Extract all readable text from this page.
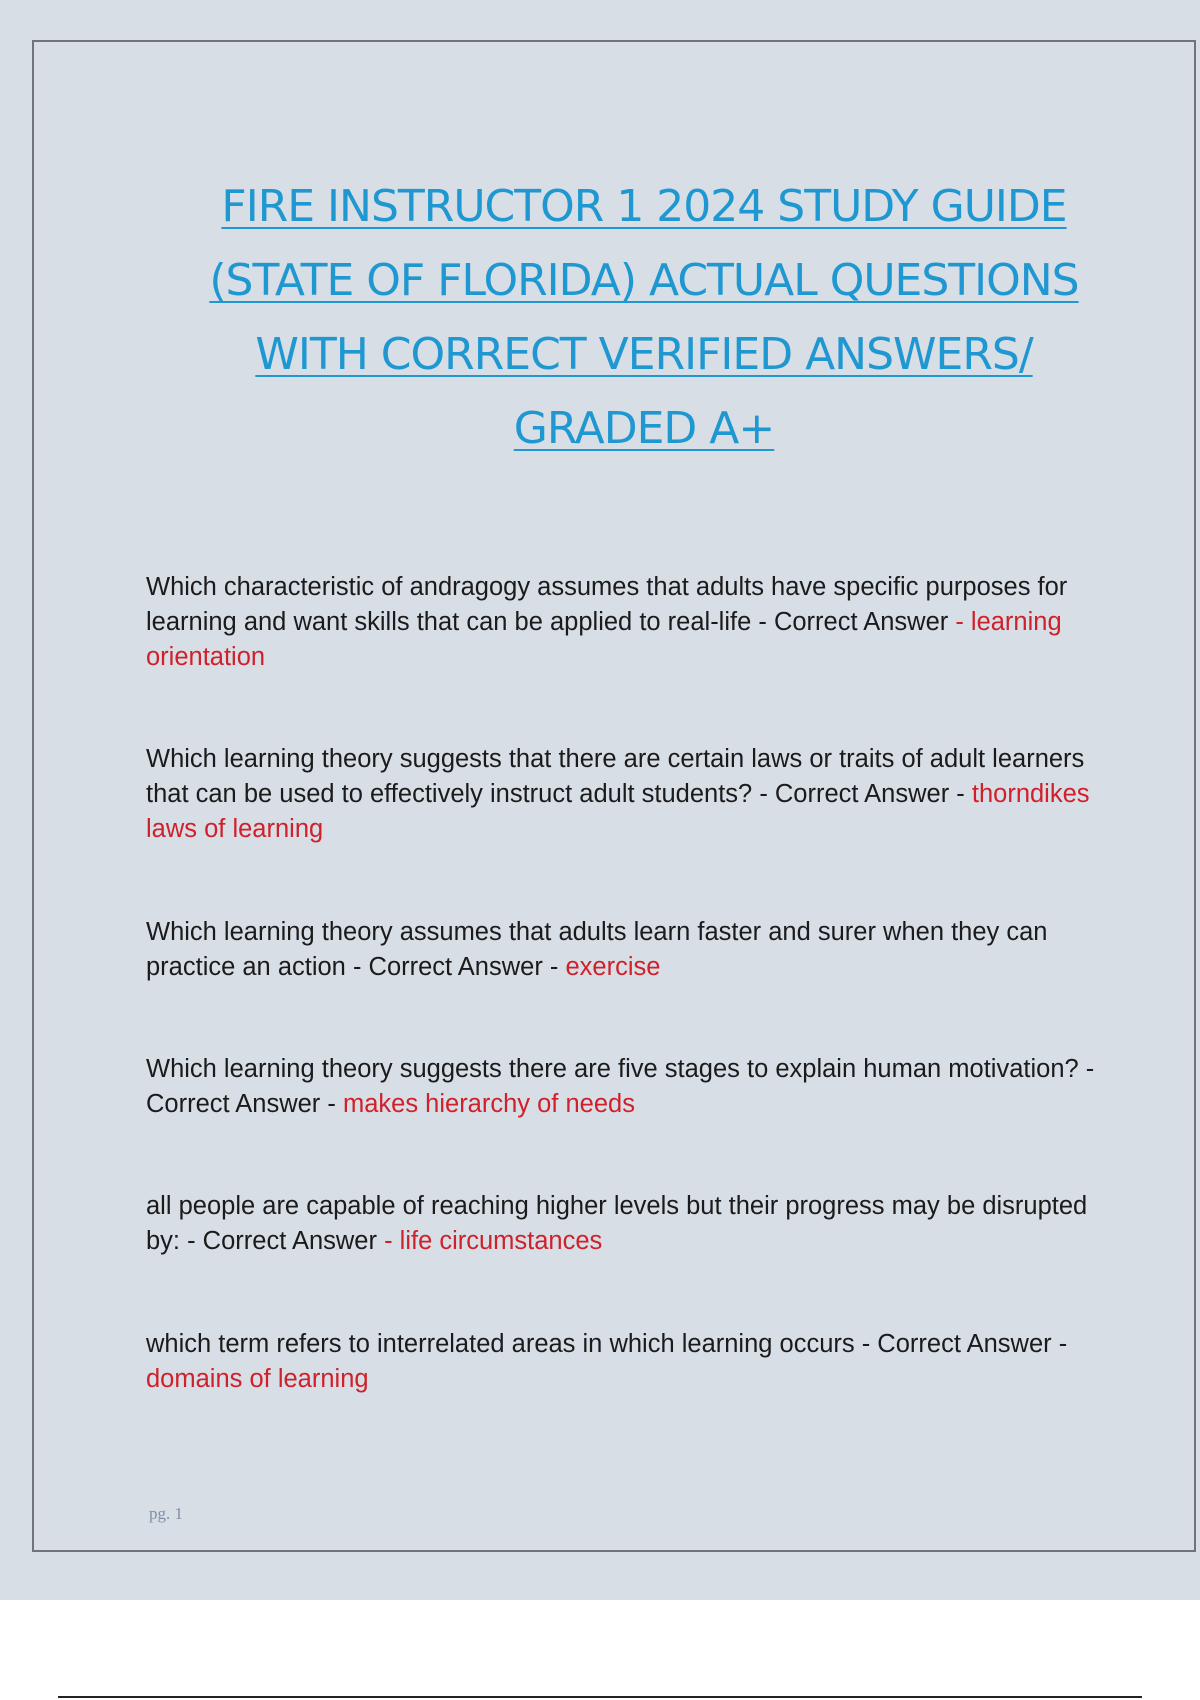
FIRE INSTRUCTOR 1 2024 STUDY GUIDE
(STATE OF FLORIDA) ACTUAL QUESTIONS
WITH CORRECT VERIFIED ANSWERS/
GRADED A+
Which characteristic of andragogy assumes that adults have specific purposes for learning and want skills that can be applied to real-life - Correct Answer - learning orientation
Which learning theory suggests that there are certain laws or traits of adult learners that can be used to effectively instruct adult students? - Correct Answer - thorndikes laws of learning
Which learning theory assumes that adults learn faster and surer when they can practice an action - Correct Answer - exercise
Which learning theory suggests there are five stages to explain human motivation? - Correct Answer - makes hierarchy of needs
all people are capable of reaching higher levels but their progress may be disrupted by: - Correct Answer - life circumstances
which term refers to interrelated areas in which learning occurs - Correct Answer - domains of learning
pg. 1
